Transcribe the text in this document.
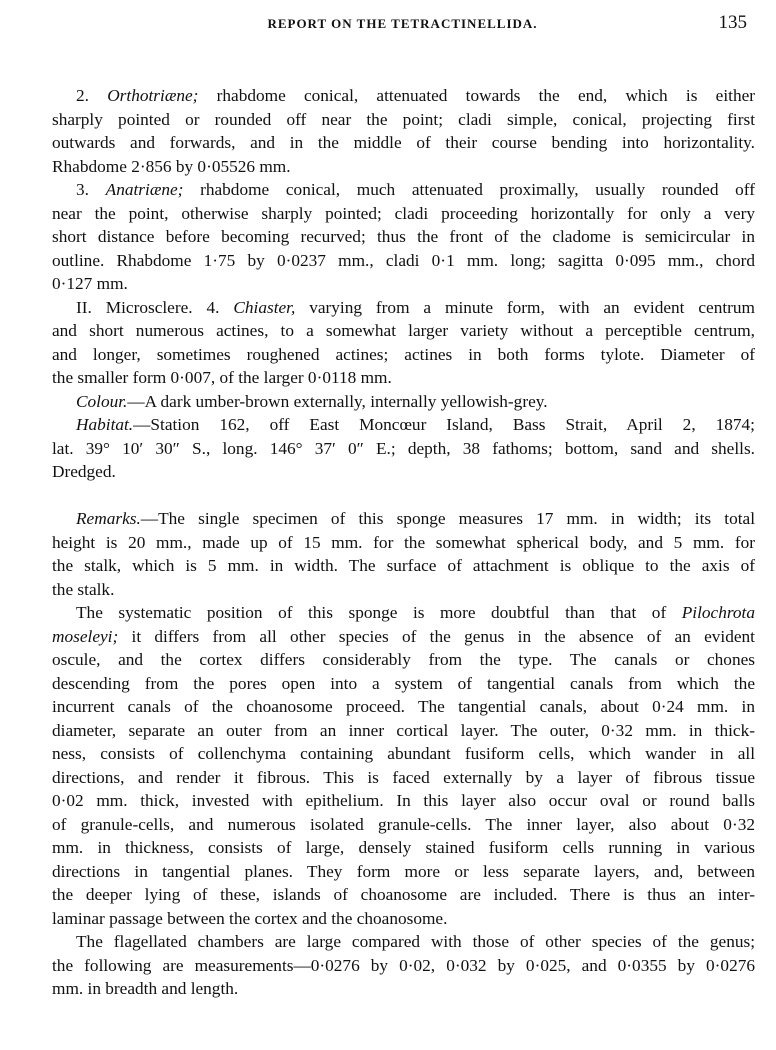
REPORT ON THE TETRACTINELLIDA.	135
2. Orthotriæne; rhabdome conical, attenuated towards the end, which is either
sharply pointed or rounded off near the point; cladi simple, conical, projecting first
outwards and forwards, and in the middle of their course bending into horizontality.
Rhabdome 2·856 by 0·05526 mm.
3. Anatriæne; rhabdome conical, much attenuated proximally, usually rounded off
near the point, otherwise sharply pointed; cladi proceeding horizontally for only a very
short distance before becoming recurved; thus the front of the cladome is semicircular in
outline. Rhabdome 1·75 by 0·0237 mm., cladi 0·1 mm. long; sagitta 0·095 mm., chord
0·127 mm.
II. Microsclere. 4. Chiaster, varying from a minute form, with an evident centrum
and short numerous actines, to a somewhat larger variety without a perceptible centrum,
and longer, sometimes roughened actines; actines in both forms tylote. Diameter of
the smaller form 0·007, of the larger 0·0118 mm.
Colour.—A dark umber-brown externally, internally yellowish-grey.
Habitat.—Station 162, off East Moncœur Island, Bass Strait, April 2, 1874;
lat. 39° 10′ 30″ S., long. 146° 37′ 0″ E.; depth, 38 fathoms; bottom, sand and shells.
Dredged.
Remarks.—The single specimen of this sponge measures 17 mm. in width; its total
height is 20 mm., made up of 15 mm. for the somewhat spherical body, and 5 mm. for
the stalk, which is 5 mm. in width. The surface of attachment is oblique to the axis of
the stalk.
The systematic position of this sponge is more doubtful than that of Pilochrota
moseleyi; it differs from all other species of the genus in the absence of an evident
oscule, and the cortex differs considerably from the type. The canals or chones
descending from the pores open into a system of tangential canals from which the
incurrent canals of the choanosome proceed. The tangential canals, about 0·24 mm. in
diameter, separate an outer from an inner cortical layer. The outer, 0·32 mm. in thick-
ness, consists of collenchyma containing abundant fusiform cells, which wander in all
directions, and render it fibrous. This is faced externally by a layer of fibrous tissue
0·02 mm. thick, invested with epithelium. In this layer also occur oval or round balls
of granule-cells, and numerous isolated granule-cells. The inner layer, also about 0·32
mm. in thickness, consists of large, densely stained fusiform cells running in various
directions in tangential planes. They form more or less separate layers, and, between
the deeper lying of these, islands of choanosome are included. There is thus an inter-
laminar passage between the cortex and the choanosome.
The flagellated chambers are large compared with those of other species of the genus;
the following are measurements—0·0276 by 0·02, 0·032 by 0·025, and 0·0355 by 0·0276
mm. in breadth and length.
